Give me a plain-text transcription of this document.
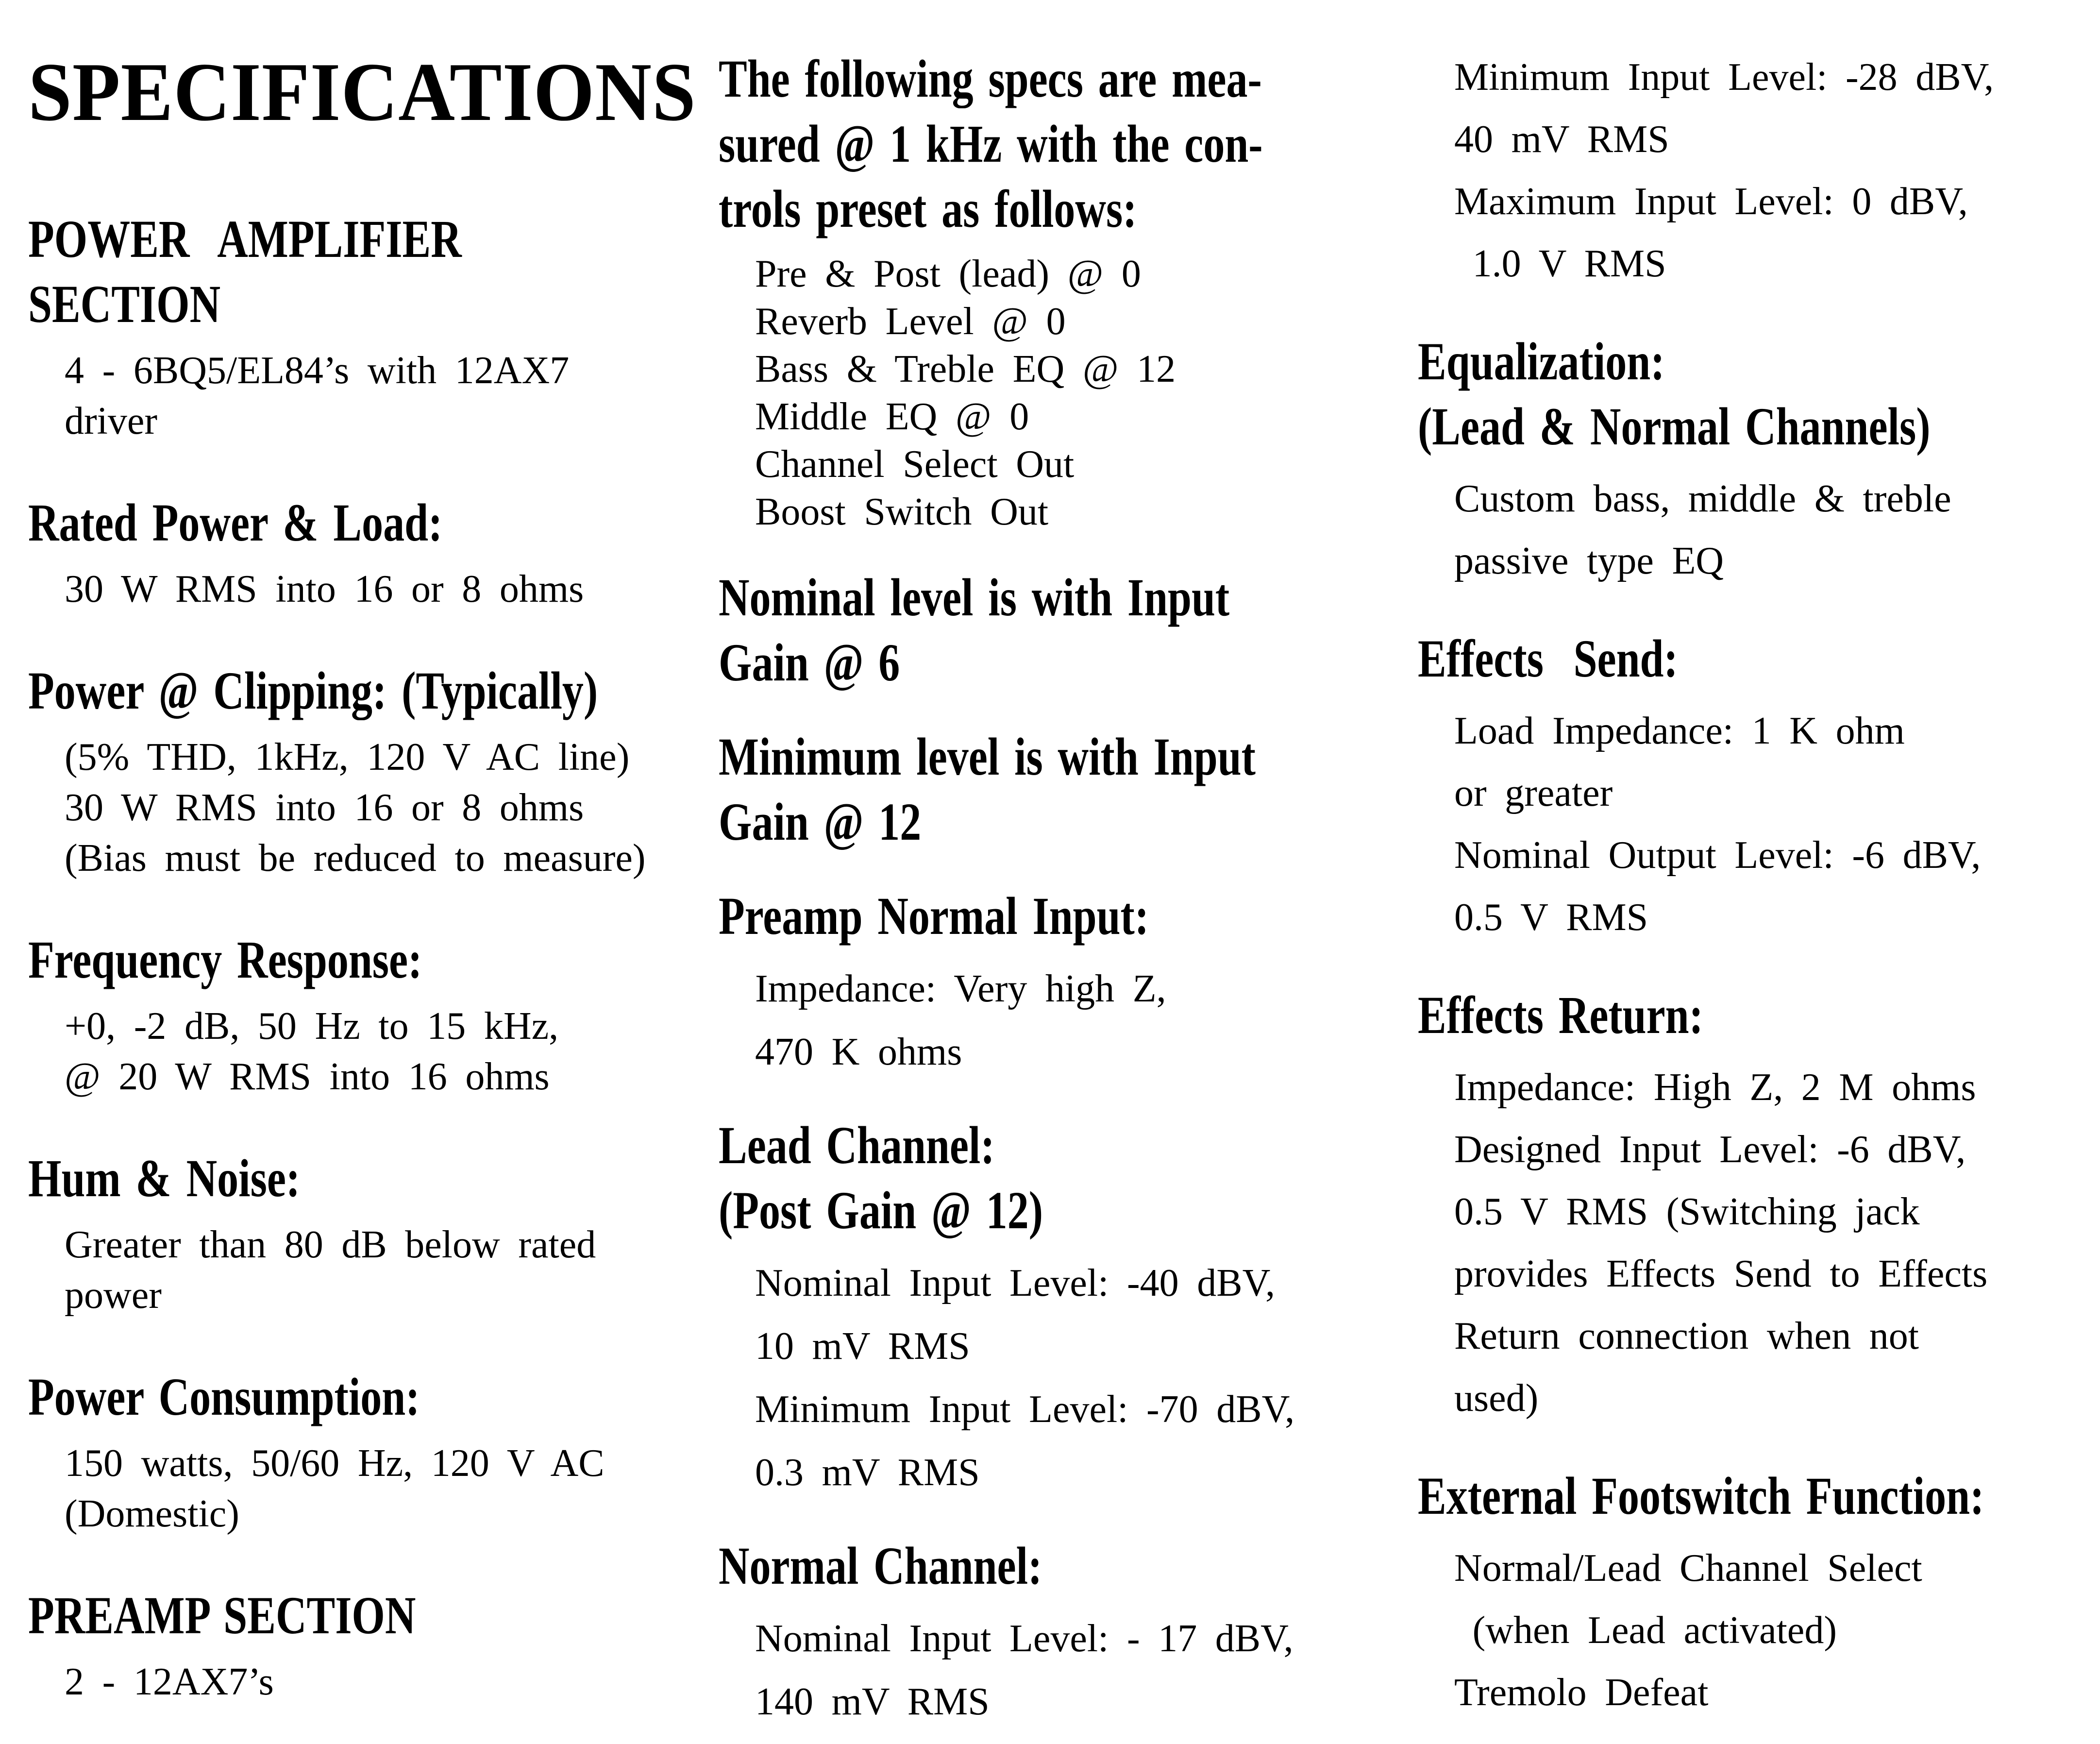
SPECIFICATIONS
POWER  AMPLIFIER
SECTION
4 - 6BQ5/EL84’s with 12AX7
driver
Rated Power & Load:
30 W RMS into 16 or 8 ohms
Power @ Clipping: (Typically)
(5% THD, 1kHz, 120 V AC line)
30 W RMS into 16 or 8 ohms
(Bias must be reduced to measure)
Frequency Response:
+0, -2 dB, 50 Hz to 15 kHz,
@ 20 W RMS into 16 ohms
Hum & Noise:
Greater than 80 dB below rated
power
Power Consumption:
150 watts, 50/60 Hz, 120 V AC
(Domestic)
PREAMP SECTION
2 - 12AX7’s
The following specs are mea-
sured @ 1 kHz with the con-
trols preset as follows:
Pre & Post (lead) @ 0
Reverb Level @ 0
Bass & Treble EQ @ 12
Middle EQ @ 0
Channel Select Out
Boost Switch Out
Nominal level is with Input
Gain @ 6
Minimum level is with Input
Gain @ 12
Preamp Normal Input:
Impedance: Very high Z,
470 K ohms
Lead Channel:
(Post Gain @ 12)
Nominal Input Level: -40 dBV,
10 mV RMS
Minimum Input Level: -70 dBV,
0.3 mV RMS
Normal Channel:
Nominal Input Level: - 17 dBV,
140 mV RMS
Minimum Input Level: -28 dBV,
40 mV RMS
Maximum Input Level: 0 dBV,
1.0 V RMS
Equalization:
(Lead & Normal Channels)
Custom bass, middle & treble
passive type EQ
Effects  Send:
Load Impedance: 1 K ohm
or greater
Nominal Output Level: -6 dBV,
0.5 V RMS
Effects Return:
Impedance: High Z, 2 M ohms
Designed Input Level: -6 dBV,
0.5 V RMS (Switching jack
provides Effects Send to Effects
Return connection when not
used)
External Footswitch Function:
Normal/Lead Channel Select
(when Lead activated)
Tremolo Defeat
